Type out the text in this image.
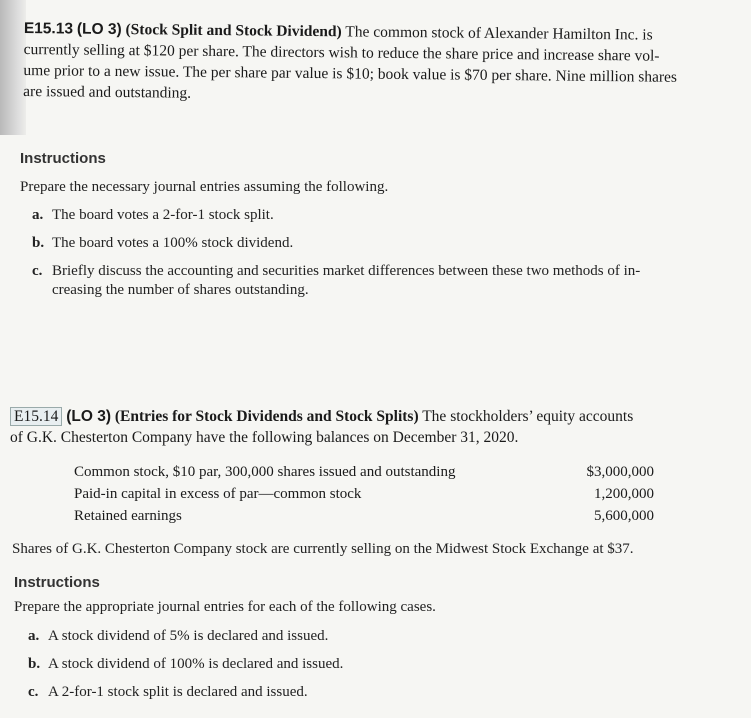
E15.13 (LO 3) (Stock Split and Stock Dividend) The common stock of Alexander Hamilton Inc. is

currently selling at $120 per share. The directors wish to reduce the share price and increase share vol-

ume prior to a new issue. The per share par value is $10; book value is $70 per share. Nine million shares

are issued and outstanding.

Instructions
Prepare the necessary journal entries assuming the following.
a. The board votes a 2-for-1 stock split.
b. The board votes a 100% stock dividend.
c. Briefly discuss the accounting and securities market differences between these two methods of in-
creasing the number of shares outstanding.

E15.14 (LO 3) (Entries for Stock Dividends and Stock Splits) The stockholders’ equity accounts

of G.K. Chesterton Company have the following balances on December 31, 2020.

Common stock, $10 par, 300,000 shares issued and outstanding	$3,000,000
Paid-in capital in excess of par—common stock	1,200,000
Retained earnings	5,600,000
Shares of G.K. Chesterton Company stock are currently selling on the Midwest Stock Exchange at $37.
Instructions
Prepare the appropriate journal entries for each of the following cases.
a. A stock dividend of 5% is declared and issued.
b. A stock dividend of 100% is declared and issued.
c. A 2-for-1 stock split is declared and issued.
